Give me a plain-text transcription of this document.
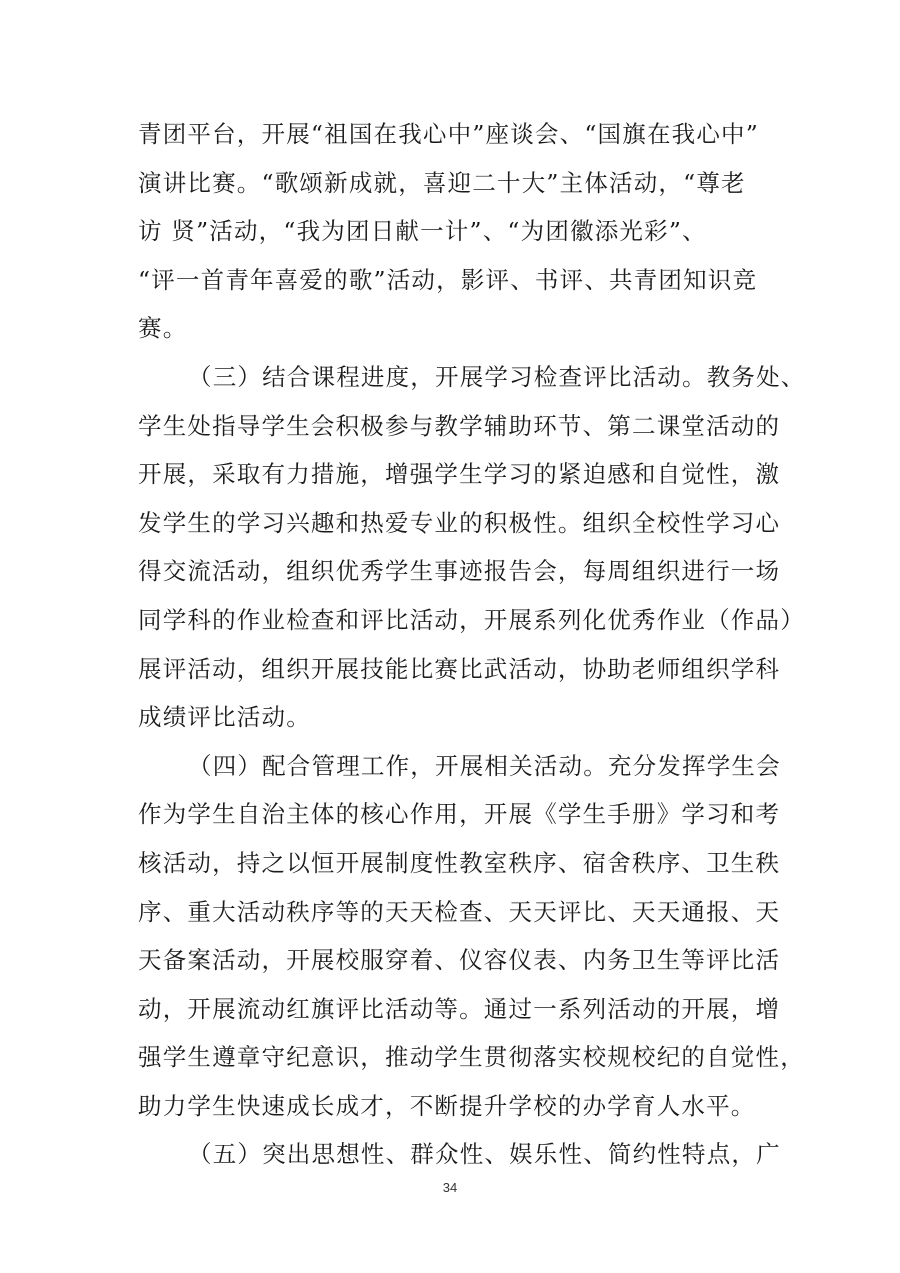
青团平台，开展“祖国在我心中”座谈会、“国旗在我心中”
演讲比赛。“歌颂新成就，喜迎二十大”主体活动，“尊老
访 贤”活动，“我为团日献一计”、“为团徽添光彩”、
“评一首青年喜爱的歌”活动，影评、书评、共青团知识竞
赛。
（三）结合课程进度，开展学习检查评比活动。教务处、
学生处指导学生会积极参与教学辅助环节、第二课堂活动的
开展，采取有力措施，增强学生学习的紧迫感和自觉性，激
发学生的学习兴趣和热爱专业的积极性。组织全校性学习心
得交流活动，组织优秀学生事迹报告会，每周组织进行一场
同学科的作业检查和评比活动，开展系列化优秀作业（作品）
展评活动，组织开展技能比赛比武活动，协助老师组织学科
成绩评比活动。
（四）配合管理工作，开展相关活动。充分发挥学生会
作为学生自治主体的核心作用，开展《学生手册》学习和考
核活动，持之以恒开展制度性教室秩序、宿舍秩序、卫生秩
序、重大活动秩序等的天天检查、天天评比、天天通报、天
天备案活动，开展校服穿着、仪容仪表、内务卫生等评比活
动，开展流动红旗评比活动等。通过一系列活动的开展，增
强学生遵章守纪意识，推动学生贯彻落实校规校纪的自觉性，
助力学生快速成长成才，不断提升学校的办学育人水平。
（五）突出思想性、群众性、娱乐性、简约性特点，广
34
